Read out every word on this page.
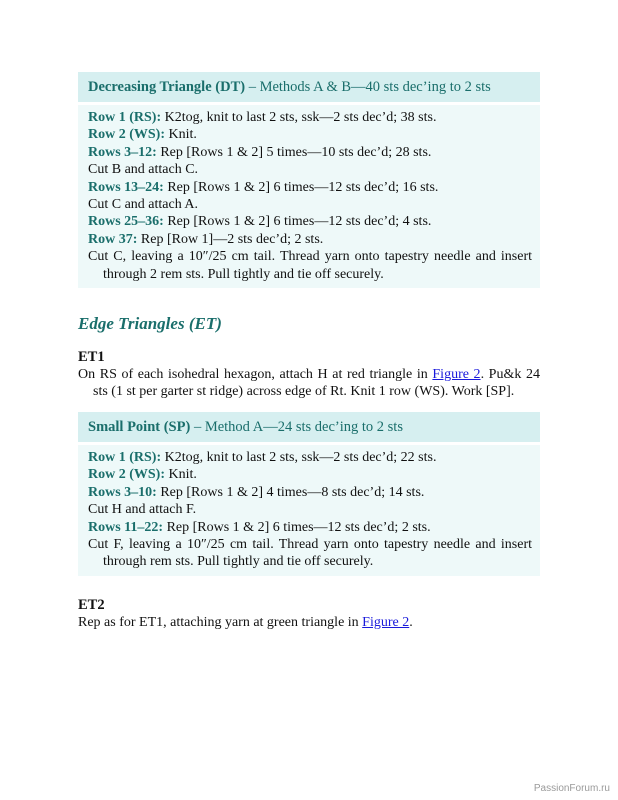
Decreasing Triangle (DT) – Methods A & B—40 sts dec’ing to 2 sts

Row 1 (RS): K2tog, knit to last 2 sts, ssk—2 sts dec’d; 38 sts.

Row 2 (WS): Knit.

Rows 3–12: Rep [Rows 1 & 2] 5 times—10 sts dec’d; 28 sts.

Cut B and attach C.

Rows 13–24: Rep [Rows 1 & 2] 6 times—12 sts dec’d; 16 sts.

Cut C and attach A.

Rows 25–36: Rep [Rows 1 & 2] 6 times—12 sts dec’d; 4 sts.

Row 37: Rep [Row 1]—2 sts dec’d; 2 sts.

Cut C, leaving a 10″/25 cm tail. Thread yarn onto tapestry needle and insert through 2 rem sts. Pull tightly and tie off securely.

Edge Triangles (ET)
ET1

On RS of each isohedral hexagon, attach H at red triangle in Figure 2. Pu&k 24 sts (1 st per garter st ridge) across edge of Rt. Knit 1 row (WS). Work [SP].

Small Point (SP) – Method A—24 sts dec’ing to 2 sts

Row 1 (RS): K2tog, knit to last 2 sts, ssk—2 sts dec’d; 22 sts.

Row 2 (WS): Knit.

Rows 3–10: Rep [Rows 1 & 2] 4 times—8 sts dec’d; 14 sts.

Cut H and attach F.

Rows 11–22: Rep [Rows 1 & 2] 6 times—12 sts dec’d; 2 sts.

Cut F, leaving a 10″/25 cm tail. Thread yarn onto tapestry needle and insert through rem sts. Pull tightly and tie off securely.

ET2

Rep as for ET1, attaching yarn at green triangle in Figure 2.

PassionForum.ru
